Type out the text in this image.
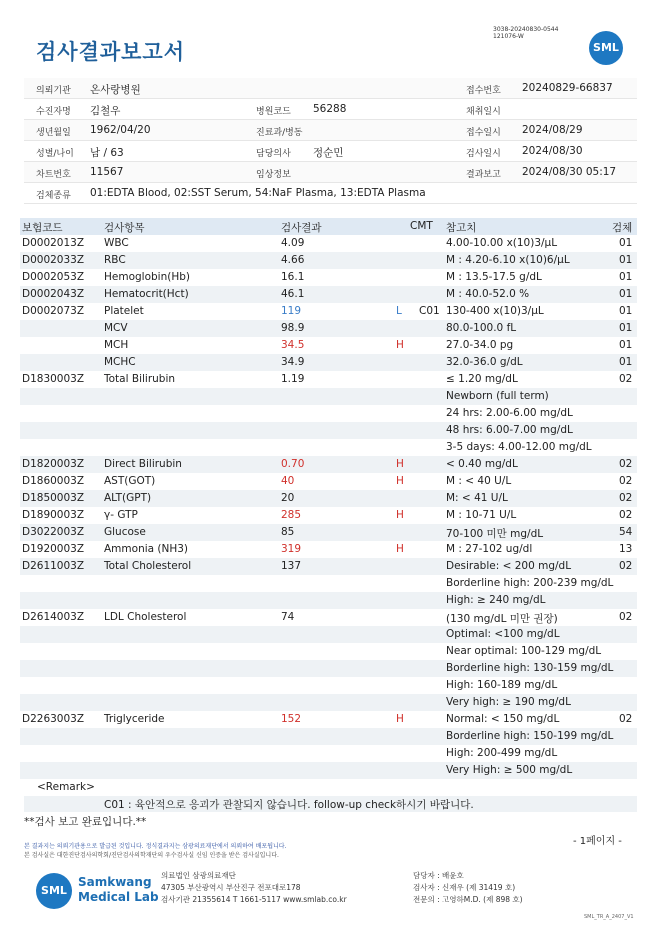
검사결과보고서
3038-20240830-0544
121076-W
SML
의뢰기관 온사랑병원	접수번호 20240829-66837
수진자명 김철우	병원코드 56288	채취일시
생년월일 1962/04/20	진료과/병동	접수일시 2024/08/29
성별/나이 남 / 63	담당의사 정순민	검사일시 2024/08/30
차트번호 11567	임상정보	결과보고 2024/08/30 05:17
검체종류 01:EDTA Blood, 02:SST Serum, 54:NaF Plasma, 13:EDTA Plasma
보험코드	검사항목	검사결과	CMT 참고치	검체
D0002013Z WBC	4.09	4.00-10.00 x(10)3/µL	01
D0002033Z RBC	4.66	M : 4.20-6.10 x(10)6/µL	01
D0002053Z Hemoglobin(Hb)	16.1	M : 13.5-17.5 g/dL	01
D0002043Z Hematocrit(Hct)	46.1	M : 40.0-52.0 %	01
D0002073Z Platelet	119	L C01 130-400 x(10)3/µL	01
MCV	98.9	80.0-100.0 fL	01
MCH	34.5	H	27.0-34.0 pg	01
MCHC	34.9	32.0-36.0 g/dL	01
D1830003Z Total Bilirubin	1.19	≤ 1.20 mg/dL	02
Newborn (full term)
24 hrs: 2.00-6.00 mg/dL
48 hrs: 6.00-7.00 mg/dL
3-5 days: 4.00-12.00 mg/dL
D1820003Z Direct Bilirubin	0.70	H	< 0.40 mg/dL	02
D1860003Z AST(GOT)	40	H	M : < 40 U/L	02
D1850003Z ALT(GPT)	20	M: < 41 U/L	02
D1890003Z γ- GTP	285	H	M : 10-71 U/L	02
D3022003Z Glucose	85	70-100 미만 mg/dL	54
D1920003Z Ammonia (NH3)	319	H	M : 27-102 ug/dl	13
D2611003Z Total Cholesterol	137	Desirable: < 200 mg/dL	02
Borderline high: 200-239 mg/dL
High: ≥ 240 mg/dL
D2614003Z LDL Cholesterol	74	(130 mg/dL 미만 권장)	02
Optimal: <100 mg/dL
Near optimal: 100-129 mg/dL
Borderline high: 130-159 mg/dL
High: 160-189 mg/dL
Very high: ≥ 190 mg/dL
D2263003Z Triglyceride	152	H	Normal: < 150 mg/dL	02
Borderline high: 150-199 mg/dL
High: 200-499 mg/dL
Very High: ≥ 500 mg/dL
<Remark>
C01 : 육안적으로 응괴가 관찰되지 않습니다. follow-up check하시기 바랍니다.
**검사 보고 완료입니다.**
- 1페이지 -
본 결과지는 의뢰기관용으로 발급된 것입니다. 정식결과지는 삼광의료재단에서 의뢰하여 배포됩니다.
본 검사실은 대한진단검사의학회/진단검사의학재단의 우수검사실 신임 인증을 받은 검사실입니다.
SML
Samkwang
Medical Lab
의료법인 삼광의료재단
47305 부산광역시 부산진구 전포대로178
검사기관 21355614 T 1661-5117 www.smlab.co.kr
담당자 : 배윤호
검사자 : 신재우 (제 31419 호)
전문의 : 고영하M.D. (제 898 호)
SML_TR_A_2407_V1
